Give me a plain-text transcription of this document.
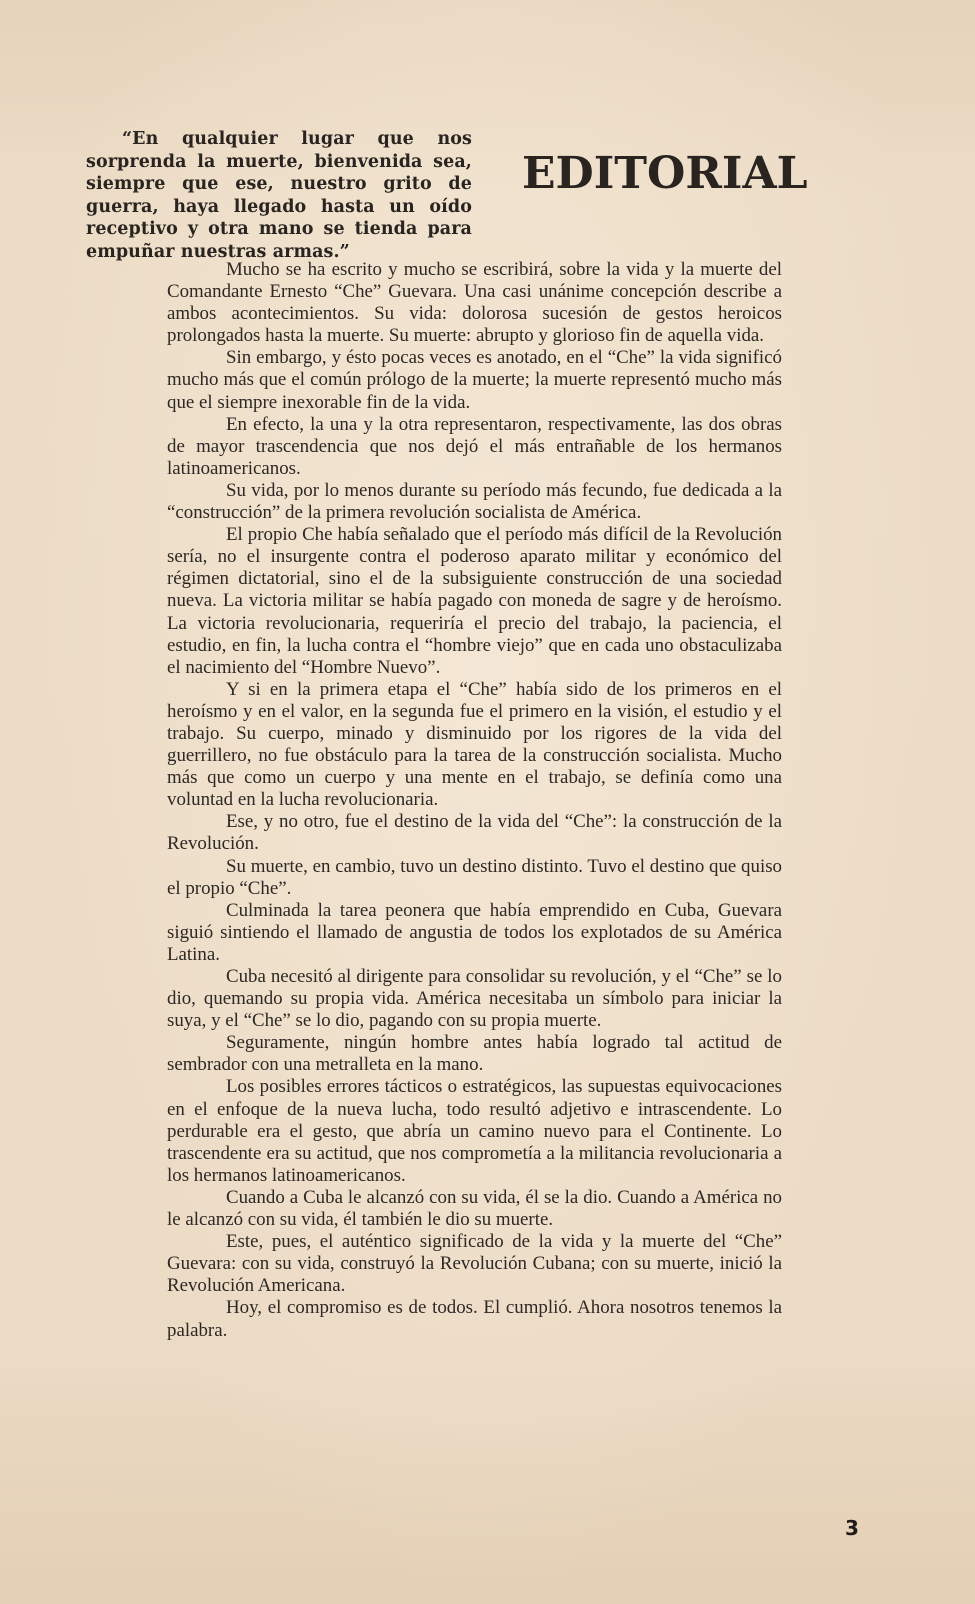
“En qualquier lugar que nos sorprenda la muerte, bienvenida sea, siempre que ese, nuestro grito de guerra, haya llegado hasta un oído receptivo y otra mano se tienda para empuñar nuestras armas.”
EDITORIAL

Mucho se ha escrito y mucho se escribirá, sobre la vida y la muerte del Comandante Ernesto “Che” Guevara. Una casi unánime concepción describe a ambos acontecimientos. Su vida: dolorosa sucesión de gestos heroicos prolongados hasta la muerte. Su muerte: abrupto y glorioso fin de aquella vida.

Sin embargo, y ésto pocas veces es anotado, en el “Che” la vida significó mucho más que el común prólogo de la muerte; la muerte representó mucho más que el siempre inexorable fin de la vida.

En efecto, la una y la otra representaron, respectivamente, las dos obras de mayor trascendencia que nos dejó el más entrañable de los hermanos latinoamericanos.

Su vida, por lo menos durante su período más fecundo, fue dedicada a la “construcción” de la primera revolución socialista de América.

El propio Che había señalado que el período más difícil de la Revolución sería, no el insurgente contra el poderoso aparato militar y económico del régimen dictatorial, sino el de la subsiguiente construcción de una sociedad nueva. La victoria militar se había pagado con moneda de sagre y de heroísmo. La victoria revolucionaria, requeriría el precio del trabajo, la paciencia, el estudio, en fin, la lucha contra el “hombre viejo” que en cada uno obstaculizaba el nacimiento del “Hombre Nuevo”.

Y si en la primera etapa el “Che” había sido de los primeros en el heroísmo y en el valor, en la segunda fue el primero en la visión, el estudio y el trabajo. Su cuerpo, minado y disminuido por los rigores de la vida del guerrillero, no fue obstáculo para la tarea de la construcción socialista. Mucho más que como un cuerpo y una mente en el trabajo, se definía como una voluntad en la lucha revolucionaria.

Ese, y no otro, fue el destino de la vida del “Che”: la construcción de la Revolución.

Su muerte, en cambio, tuvo un destino distinto. Tuvo el destino que quiso el propio “Che”.

Culminada la tarea peonera que había emprendido en Cuba, Guevara siguió sintiendo el llamado de angustia de todos los explotados de su América Latina.

Cuba necesitó al dirigente para consolidar su revolución, y el “Che” se lo dio, quemando su propia vida. América necesitaba un símbolo para iniciar la suya, y el “Che” se lo dio, pagando con su propia muerte.

Seguramente, ningún hombre antes había logrado tal actitud de sembrador con una metralleta en la mano.

Los posibles errores tácticos o estratégicos, las supuestas equivocaciones en el enfoque de la nueva lucha, todo resultó adjetivo e intrascendente. Lo perdurable era el gesto, que abría un camino nuevo para el Continente. Lo trascendente era su actitud, que nos comprometía a la militancia revolucionaria a los hermanos latinoamericanos.

Cuando a Cuba le alcanzó con su vida, él se la dio. Cuando a América no le alcanzó con su vida, él también le dio su muerte.

Este, pues, el auténtico significado de la vida y la muerte del “Che” Guevara: con su vida, construyó la Revolución Cubana; con su muerte, inició la Revolución Americana.

Hoy, el compromiso es de todos. El cumplió. Ahora nosotros tenemos la palabra.

3
